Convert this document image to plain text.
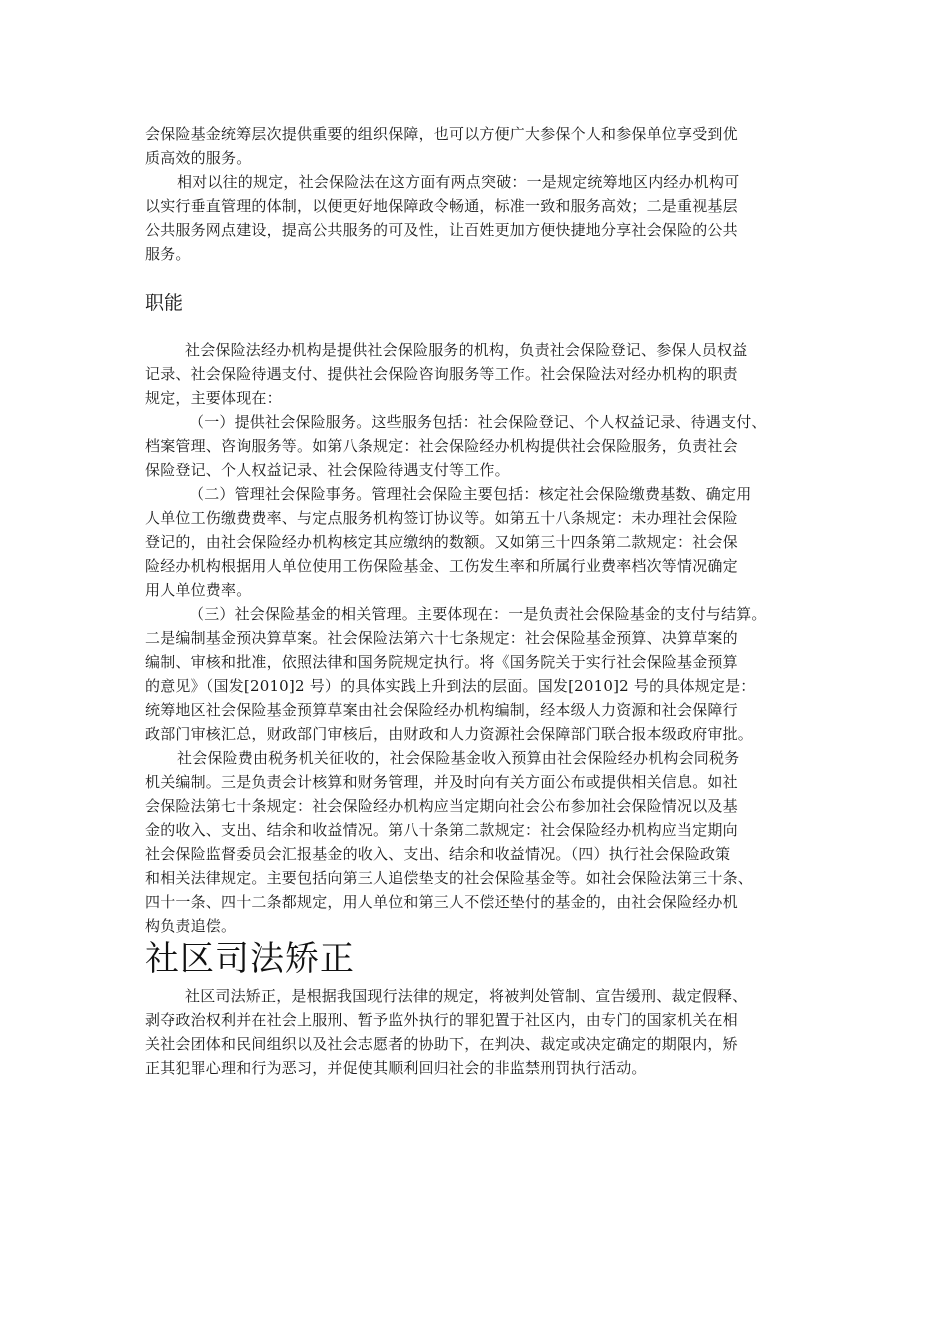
会保险基金统筹层次提供重要的组织保障，也可以方便广大参保个人和参保单位享受到优
质高效的服务。
相对以往的规定，社会保险法在这方面有两点突破：一是规定统筹地区内经办机构可
以实行垂直管理的体制，以便更好地保障政令畅通，标准一致和服务高效；二是重视基层
公共服务网点建设，提高公共服务的可及性，让百姓更加方便快捷地分享社会保险的公共
服务。
职能
社会保险法经办机构是提供社会保险服务的机构，负责社会保险登记、参保人员权益
记录、社会保险待遇支付、提供社会保险咨询服务等工作。社会保险法对经办机构的职责
规定，主要体现在：
（一）提供社会保险服务。这些服务包括：社会保险登记、个人权益记录、待遇支付、
档案管理、咨询服务等。如第八条规定：社会保险经办机构提供社会保险服务，负责社会
保险登记、个人权益记录、社会保险待遇支付等工作。
（二）管理社会保险事务。管理社会保险主要包括：核定社会保险缴费基数、确定用
人单位工伤缴费费率、与定点服务机构签订协议等。如第五十八条规定：未办理社会保险
登记的，由社会保险经办机构核定其应缴纳的数额。又如第三十四条第二款规定：社会保
险经办机构根据用人单位使用工伤保险基金、工伤发生率和所属行业费率档次等情况确定
用人单位费率。
（三）社会保险基金的相关管理。主要体现在：一是负责社会保险基金的支付与结算。
二是编制基金预决算草案。社会保险法第六十七条规定：社会保险基金预算、决算草案的
编制、审核和批准，依照法律和国务院规定执行。将《国务院关于实行社会保险基金预算
的意见》（国发[2010]2 号）的具体实践上升到法的层面。国发[2010]2 号的具体规定是：
统筹地区社会保险基金预算草案由社会保险经办机构编制，经本级人力资源和社会保障行
政部门审核汇总，财政部门审核后，由财政和人力资源社会保障部门联合报本级政府审批。
社会保险费由税务机关征收的，社会保险基金收入预算由社会保险经办机构会同税务
机关编制。三是负责会计核算和财务管理，并及时向有关方面公布或提供相关信息。如社
会保险法第七十条规定：社会保险经办机构应当定期向社会公布参加社会保险情况以及基
金的收入、支出、结余和收益情况。第八十条第二款规定：社会保险经办机构应当定期向
社会保险监督委员会汇报基金的收入、支出、结余和收益情况。（四）执行社会保险政策
和相关法律规定。主要包括向第三人追偿垫支的社会保险基金等。如社会保险法第三十条、
四十一条、四十二条都规定，用人单位和第三人不偿还垫付的基金的，由社会保险经办机
构负责追偿。
社区司法矫正
社区司法矫正，是根据我国现行法律的规定，将被判处管制、宣告缓刑、裁定假释、
剥夺政治权利并在社会上服刑、暂予监外执行的罪犯置于社区内，由专门的国家机关在相
关社会团体和民间组织以及社会志愿者的协助下，在判决、裁定或决定确定的期限内，矫
正其犯罪心理和行为恶习，并促使其顺利回归社会的非监禁刑罚执行活动。
